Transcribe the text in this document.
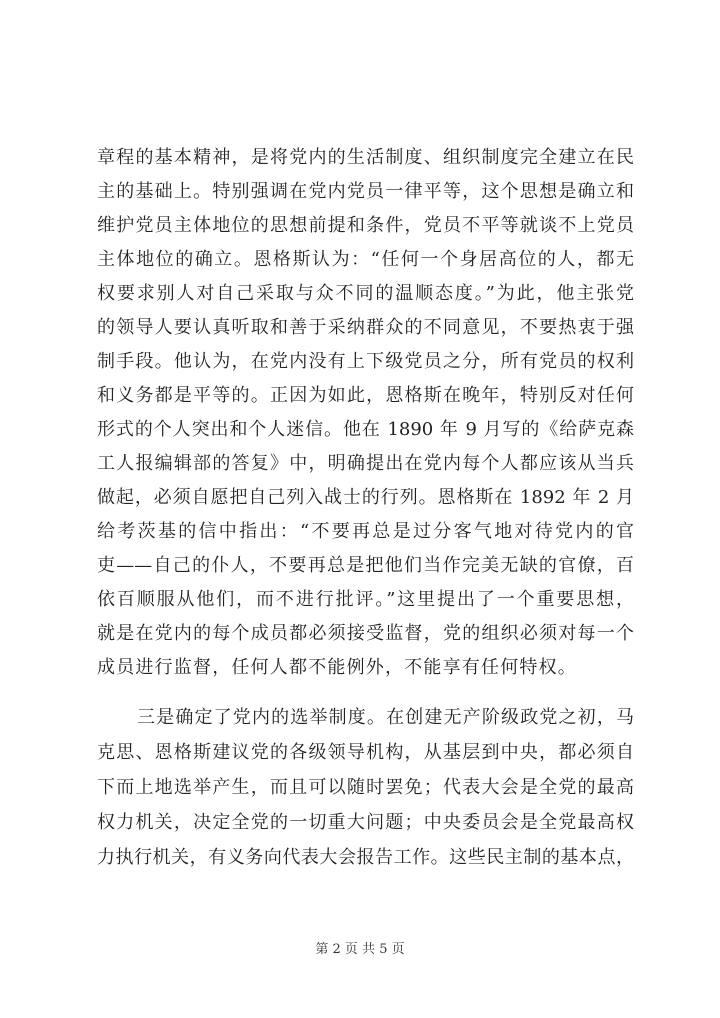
章程的基本精神，是将党内的生活制度、组织制度完全建立在民
主的基础上。特别强调在党内党员一律平等，这个思想是确立和
维护党员主体地位的思想前提和条件，党员不平等就谈不上党员
主体地位的确立。恩格斯认为：“任何一个身居高位的人，都无
权要求别人对自己采取与众不同的温顺态度。”为此，他主张党
的领导人要认真听取和善于采纳群众的不同意见，不要热衷于强
制手段。他认为，在党内没有上下级党员之分，所有党员的权利
和义务都是平等的。正因为如此，恩格斯在晚年，特别反对任何
形式的个人突出和个人迷信。他在 1890 年 9 月写的《给萨克森
工人报编辑部的答复》中，明确提出在党内每个人都应该从当兵
做起，必须自愿把自己列入战士的行列。恩格斯在 1892 年 2 月
给考茨基的信中指出：“不要再总是过分客气地对待党内的官
吏——自己的仆人，不要再总是把他们当作完美无缺的官僚，百
依百顺服从他们，而不进行批评。”这里提出了一个重要思想，
就是在党内的每个成员都必须接受监督，党的组织必须对每一个
成员进行监督，任何人都不能例外，不能享有任何特权。
三是确定了党内的选举制度。在创建无产阶级政党之初，马
克思、恩格斯建议党的各级领导机构，从基层到中央，都必须自
下而上地选举产生，而且可以随时罢免；代表大会是全党的最高
权力机关，决定全党的一切重大问题；中央委员会是全党最高权
力执行机关，有义务向代表大会报告工作。这些民主制的基本点，
第 2 页 共 5 页
